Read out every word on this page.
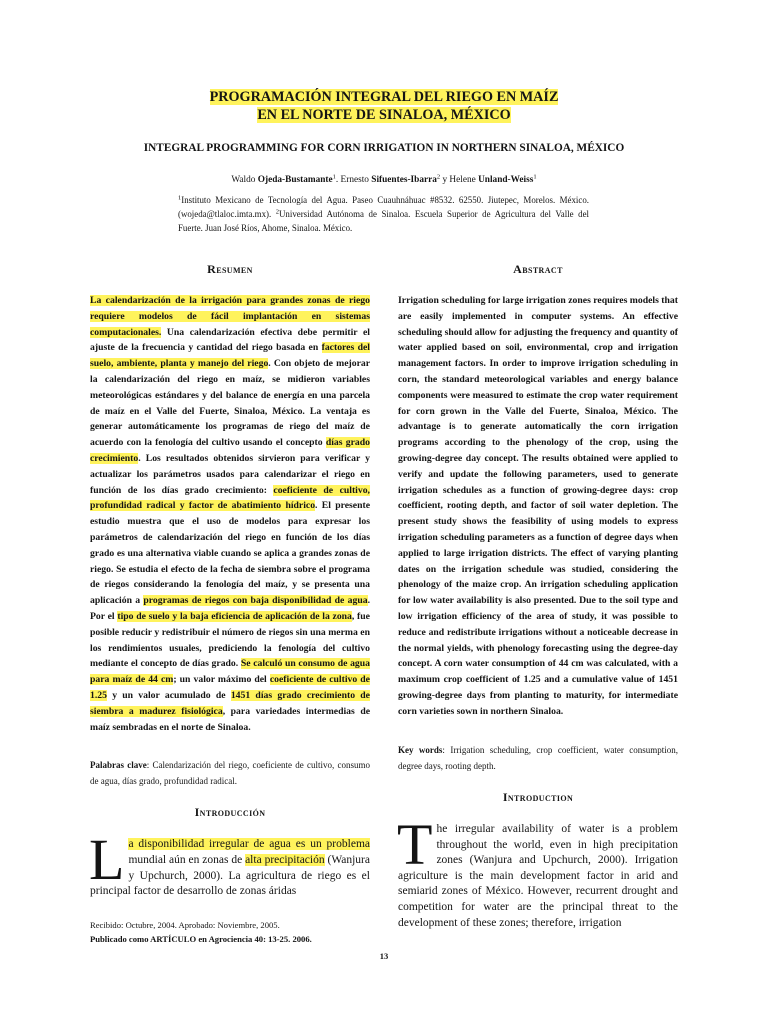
PROGRAMACIÓN INTEGRAL DEL RIEGO EN MAÍZ
EN EL NORTE DE SINALOA, MÉXICO
INTEGRAL PROGRAMMING FOR CORN IRRIGATION IN NORTHERN SINALOA, MÉXICO

Waldo Ojeda-Bustamante$^1$. Ernesto Sifuentes-Ibarra$^2$ y Helene Unland-Weiss$^1$

$^1$Instituto Mexicano de Tecnología del Agua. Paseo Cuauhnáhuac #8532. 62550. Jiutepec, Morelos. México. (wojeda@tlaloc.imta.mx). $^2$Universidad Autónoma de Sinaloa. Escuela Superior de Agricultura del Valle del Fuerte. Juan José Ríos, Ahome, Sinaloa. México.

Resumen

La calendarización de la irrigación para grandes zonas de riego requiere modelos de fácil implantación en sistemas computacionales. Una calendarización efectiva debe permitir el ajuste de la frecuencia y cantidad del riego basada en factores del suelo, ambiente, planta y manejo del riego. Con objeto de mejorar la calendarización del riego en maíz, se midieron variables meteorológicas estándares y del balance de energía en una parcela de maíz en el Valle del Fuerte, Sinaloa, México. La ventaja es generar automáticamente los programas de riego del maíz de acuerdo con la fenología del cultivo usando el concepto días grado crecimiento. Los resultados obtenidos sirvieron para verificar y actualizar los parámetros usados para calendarizar el riego en función de los días grado crecimiento: coeficiente de cultivo, profundidad radical y factor de abatimiento hídrico. El presente estudio muestra que el uso de modelos para expresar los parámetros de calendarización del riego en función de los días grado es una alternativa viable cuando se aplica a grandes zonas de riego. Se estudia el efecto de la fecha de siembra sobre el programa de riegos considerando la fenología del maíz, y se presenta una aplicación a programas de riegos con baja disponibilidad de agua. Por el tipo de suelo y la baja eficiencia de aplicación de la zona, fue posible reducir y redistribuir el número de riegos sin una merma en los rendimientos usuales, prediciendo la fenología del cultivo mediante el concepto de días grado. Se calculó un consumo de agua para maíz de 44 cm; un valor máximo del coeficiente de cultivo de 1.25 y un valor acumulado de 1451 días grado crecimiento de siembra a madurez fisiológica, para variedades intermedias de maíz sembradas en el norte de Sinaloa.

Palabras clave: Calendarización del riego, coeficiente de cultivo, consumo de agua, días grado, profundidad radical.

Introducción

La disponibilidad irregular de agua es un problema mundial aún en zonas de alta precipitación (Wanjura y Upchurch, 2000). La agricultura de riego es el principal factor de desarrollo de zonas áridas

Recibido: Octubre, 2004. Aprobado: Noviembre, 2005.

Publicado como ARTÍCULO en Agrociencia 40: 13-25. 2006.

Abstract

Irrigation scheduling for large irrigation zones requires models that are easily implemented in computer systems. An effective scheduling should allow for adjusting the frequency and quantity of water applied based on soil, environmental, crop and irrigation management factors. In order to improve irrigation scheduling in corn, the standard meteorological variables and energy balance components were measured to estimate the crop water requirement for corn grown in the Valle del Fuerte, Sinaloa, México. The advantage is to generate automatically the corn irrigation programs according to the phenology of the crop, using the growing-degree day concept. The results obtained were applied to verify and update the following parameters, used to generate irrigation schedules as a function of growing-degree days: crop coefficient, rooting depth, and factor of soil water depletion. The present study shows the feasibility of using models to express irrigation scheduling parameters as a function of degree days when applied to large irrigation districts. The effect of varying planting dates on the irrigation schedule was studied, considering the phenology of the maize crop. An irrigation scheduling application for low water availability is also presented. Due to the soil type and low irrigation efficiency of the area of study, it was possible to reduce and redistribute irrigations without a noticeable decrease in the normal yields, with phenology forecasting using the degree-day concept. A corn water consumption of 44 cm was calculated, with a maximum crop coefficient of 1.25 and a cumulative value of 1451 growing-degree days from planting to maturity, for intermediate corn varieties sown in northern Sinaloa.

Key words: Irrigation scheduling, crop coefficient, water consumption, degree days, rooting depth.

Introduction

The irregular availability of water is a problem throughout the world, even in high precipitation zones (Wanjura and Upchurch, 2000). Irrigation agriculture is the main development factor in arid and semiarid zones of México. However, recurrent drought and competition for water are the principal threat to the development of these zones; therefore, irrigation

13
